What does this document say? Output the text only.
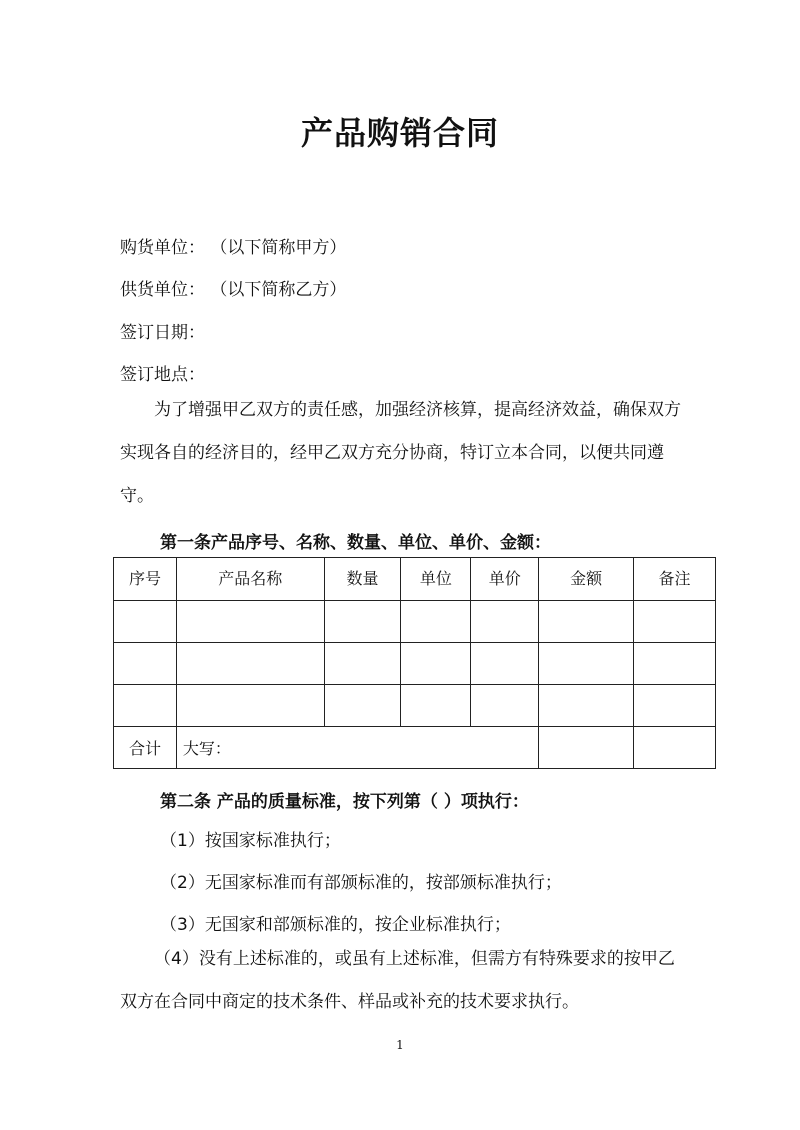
产品购销合同
购货单位： （以下简称甲方）
供货单位： （以下简称乙方）
签订日期：
签订地点：

为了增强甲乙双方的责任感，加强经济核算，提高经济效益，确保双方实现各自的经济目的，经甲乙双方充分协商，特订立本合同，以便共同遵守。

第一条产品序号、名称、数量、单位、单价、金额：
序号	产品名称	数量	单位	单价	金额	备注

合计	大写：					
第二条 产品的质量标准，按下列第（ ）项执行：
（1）按国家标准执行；
（2）无国家标准而有部颁标准的，按部颁标准执行；
（3）无国家和部颁标准的，按企业标准执行；

（4）没有上述标准的，或虽有上述标准，但需方有特殊要求的按甲乙双方在合同中商定的技术条件、样品或补充的技术要求执行。

1
